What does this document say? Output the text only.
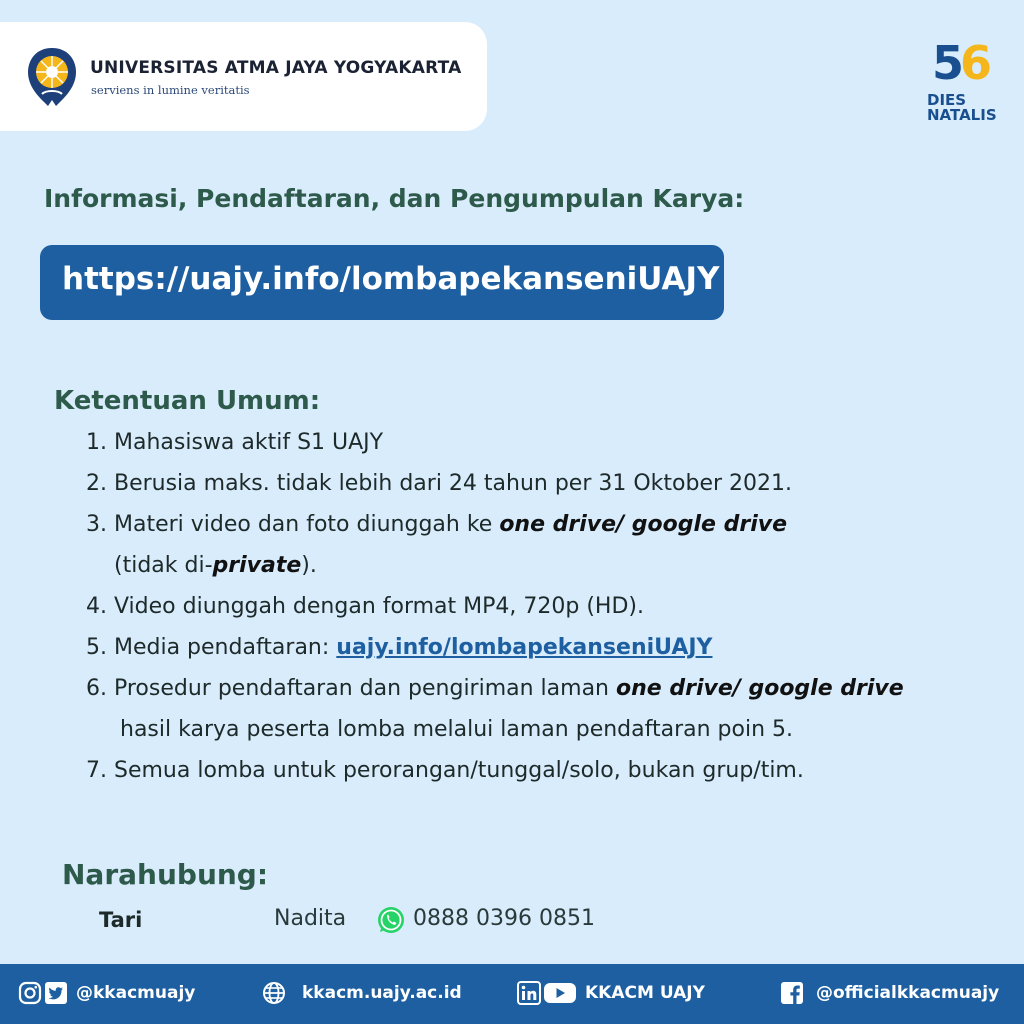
UNIVERSITAS ATMA JAYA YOGYAKARTA
serviens in lumine veritatis	56
DIES
NATALIS
Informasi, Pendaftaran, dan Pengumpulan Karya:
https://uajy.info/lombapekanseniUAJY
Ketentuan Umum:
1. Mahasiswa aktif S1 UAJY
2. Berusia maks. tidak lebih dari 24 tahun per 31 Oktober 2021.
3. Materi video dan foto diunggah ke one drive/ google drive
(tidak di-private).
4. Video diunggah dengan format MP4, 720p (HD).
5. Media pendaftaran: uajy.info/lombapekanseniUAJY
6. Prosedur pendaftaran dan pengiriman laman one drive/ google drive
hasil karya peserta lomba melalui laman pendaftaran poin 5.
7. Semua lomba untuk perorangan/tunggal/solo, bukan grup/tim.
Narahubung:
Tari	Nadita	0888 0396 0851
@kkacmuajy	kkacm.uajy.ac.id	KKACM UAJY	@officialkkacmuajy
